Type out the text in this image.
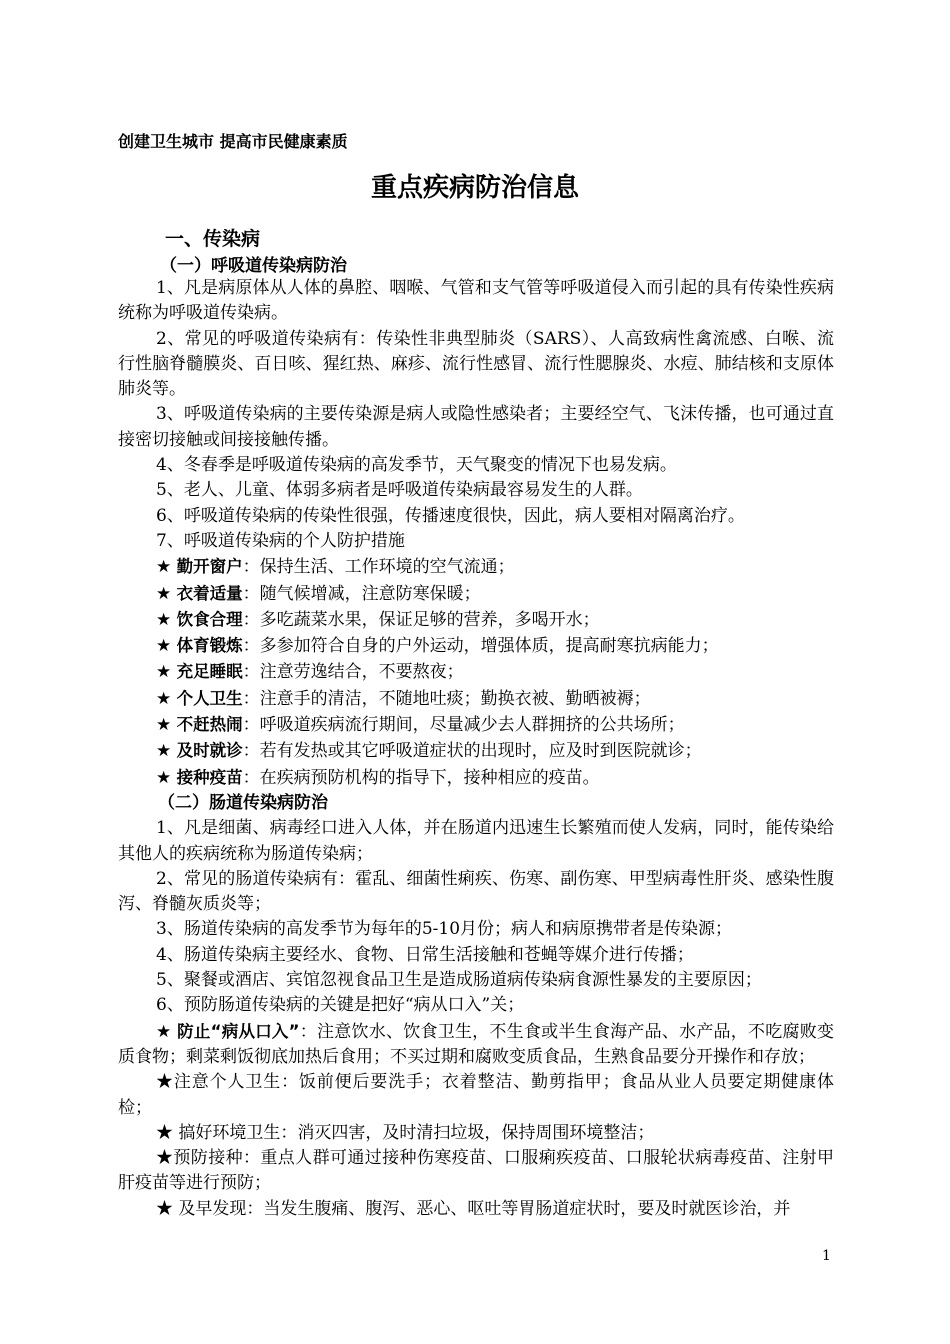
创建卫生城市 提高市民健康素质
重点疾病防治信息
一、传染病
（一）呼吸道传染病防治

1、凡是病原体从人体的鼻腔、咽喉、气管和支气管等呼吸道侵入而引起的具有传染性疾病统称为呼吸道传染病。

2、常见的呼吸道传染病有：传染性非典型肺炎（SARS）、人高致病性禽流感、白喉、流行性脑脊髓膜炎、百日咳、猩红热、麻疹、流行性感冒、流行性腮腺炎、水痘、肺结核和支原体肺炎等。

3、呼吸道传染病的主要传染源是病人或隐性感染者；主要经空气、飞沫传播，也可通过直接密切接触或间接接触传播。

4、冬春季是呼吸道传染病的高发季节，天气聚变的情况下也易发病。

5、老人、儿童、体弱多病者是呼吸道传染病最容易发生的人群。

6、呼吸道传染病的传染性很强，传播速度很快，因此，病人要相对隔离治疗。

7、呼吸道传染病的个人防护措施

★ 勤开窗户：保持生活、工作环境的空气流通；

★ 衣着适量：随气候增减，注意防寒保暖；

★ 饮食合理：多吃蔬菜水果，保证足够的营养，多喝开水；

★ 体育锻炼：多参加符合自身的户外运动，增强体质，提高耐寒抗病能力；

★ 充足睡眠：注意劳逸结合，不要熬夜；

★ 个人卫生：注意手的清洁，不随地吐痰；勤换衣被、勤晒被褥；

★ 不赶热闹：呼吸道疾病流行期间，尽量减少去人群拥挤的公共场所；

★ 及时就诊：若有发热或其它呼吸道症状的出现时，应及时到医院就诊；

★ 接种疫苗：在疾病预防机构的指导下，接种相应的疫苗。

（二）肠道传染病防治

1、凡是细菌、病毒经口进入人体，并在肠道内迅速生长繁殖而使人发病，同时，能传染给其他人的疾病统称为肠道传染病；

2、常见的肠道传染病有：霍乱、细菌性痢疾、伤寒、副伤寒、甲型病毒性肝炎、感染性腹泻、脊髓灰质炎等；

3、肠道传染病的高发季节为每年的5-10月份；病人和病原携带者是传染源；

4、肠道传染病主要经水、食物、日常生活接触和苍蝇等媒介进行传播；

5、聚餐或酒店、宾馆忽视食品卫生是造成肠道病传染病食源性暴发的主要原因；

6、预防肠道传染病的关键是把好“病从口入”关；

★ 防止“病从口入”：注意饮水、饮食卫生，不生食或半生食海产品、水产品，不吃腐败变质食物；剩菜剩饭彻底加热后食用；不买过期和腐败变质食品，生熟食品要分开操作和存放；

★注意个人卫生：饭前便后要洗手；衣着整洁、勤剪指甲；食品从业人员要定期健康体检；

★ 搞好环境卫生：消灭四害，及时清扫垃圾，保持周围环境整洁；

★预防接种：重点人群可通过接种伤寒疫苗、口服痢疾疫苗、口服轮状病毒疫苗、注射甲肝疫苗等进行预防；

★ 及早发现：当发生腹痛、腹泻、恶心、呕吐等胃肠道症状时，要及时就医诊治，并

1
